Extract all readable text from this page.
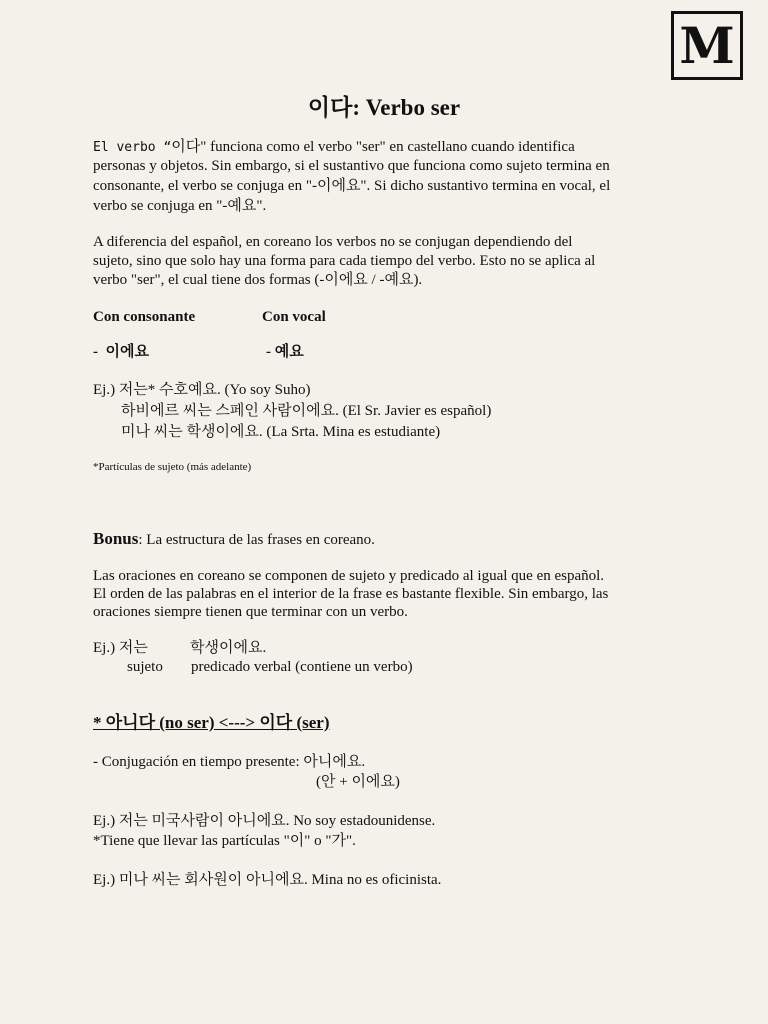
M
이다: Verbo ser

El verbo “이다" funciona como el verbo "ser" en castellano cuando identifica

personas y objetos. Sin embargo, si el sustantivo que funciona como sujeto termina en

consonante, el verbo se conjuga en "-이에요". Si dicho sustantivo termina en vocal, el

verbo se conjuga en "-예요".

A diferencia del español, en coreano los verbos no se conjugan dependiendo del

sujeto, sino que solo hay una forma para cada tiempo del verbo. Esto no se aplica al

verbo "ser", el cual tiene dos formas (-이에요 / -예요).

Con consonante	Con vocal

-  이에요	- 예요

Ej.) 저는* 수호예요. (Yo soy Suho)

하비에르 씨는 스페인 사람이에요. (El Sr. Javier es español)

미나 씨는 학생이에요. (La Srta. Mina es estudiante)

*Partículas de sujeto (más adelante)

Bonus: La estructura de las frases en coreano.

Las oraciones en coreano se componen de sujeto y predicado al igual que en español.

El orden de las palabras en el interior de la frase es bastante flexible. Sin embargo, las

oraciones siempre tienen que terminar con un verbo.

Ej.) 저는	학생이에요.

sujeto predicado verbal (contiene un verbo)

* 아니다 (no ser) <---> 이다 (ser)

- Conjugación en tiempo presente: 아니에요.

(안 + 이에요)

Ej.) 저는 미국사람이 아니에요. No soy estadounidense.

*Tiene que llevar las partículas "이" o "가".

Ej.) 미나 씨는 회사원이 아니에요. Mina no es oficinista.
